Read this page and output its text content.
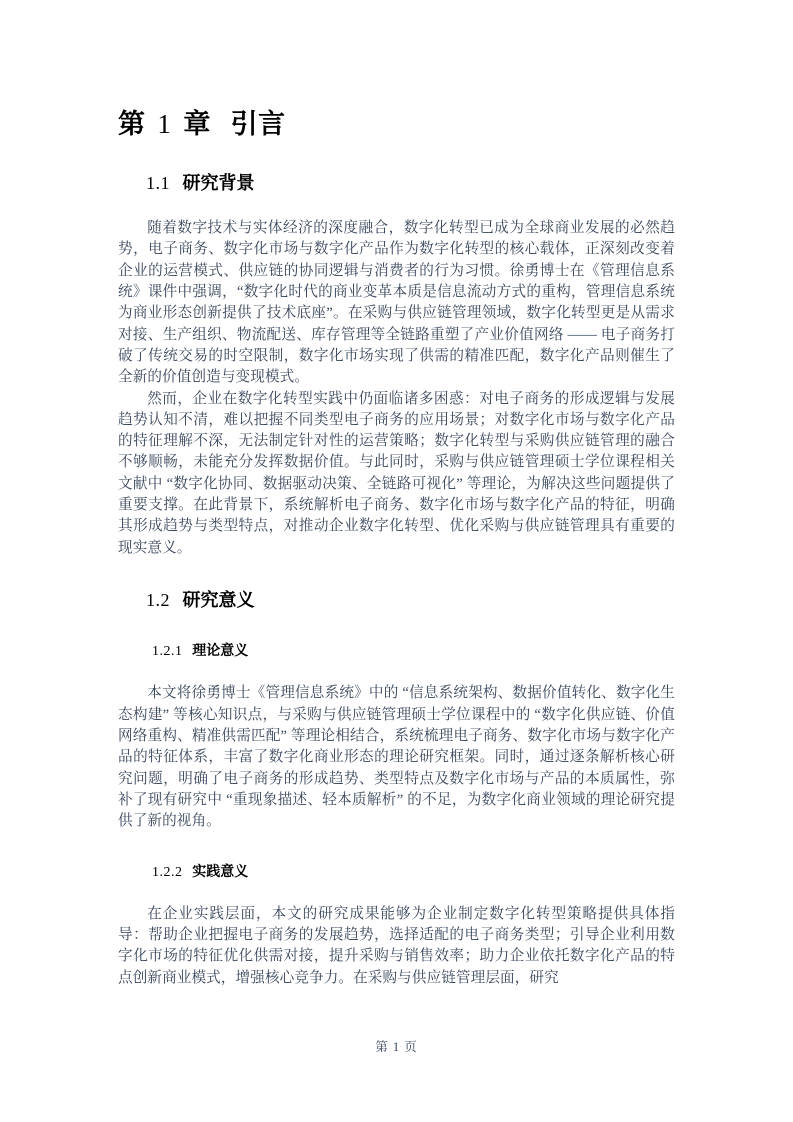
第 1 章 引言
1.1 研究背景

随着数字技术与实体经济的深度融合，数字化转型已成为全球商业发展的必然趋势，电子商务、数字化市场与数字化产品作为数字化转型的核心载体，正深刻改变着企业的运营模式、供应链的协同逻辑与消费者的行为习惯。徐勇博士在《管理信息系统》课件中强调，“数字化时代的商业变革本质是信息流动方式的重构，管理信息系统为商业形态创新提供了技术底座”。在采购与供应链管理领域，数字化转型更是从需求对接、生产组织、物流配送、库存管理等全链路重塑了产业价值网络 —— 电子商务打破了传统交易的时空限制，数字化市场实现了供需的精准匹配，数字化产品则催生了全新的价值创造与变现模式。

然而，企业在数字化转型实践中仍面临诸多困惑：对电子商务的形成逻辑与发展趋势认知不清，难以把握不同类型电子商务的应用场景；对数字化市场与数字化产品的特征理解不深，无法制定针对性的运营策略；数字化转型与采购供应链管理的融合不够顺畅，未能充分发挥数据价值。与此同时，采购与供应链管理硕士学位课程相关文献中 “数字化协同、数据驱动决策、全链路可视化” 等理论，为解决这些问题提供了重要支撑。在此背景下，系统解析电子商务、数字化市场与数字化产品的特征，明确其形成趋势与类型特点，对推动企业数字化转型、优化采购与供应链管理具有重要的现实意义。

1.2 研究意义
1.2.1 理论意义

本文将徐勇博士《管理信息系统》中的 “信息系统架构、数据价值转化、数字化生态构建” 等核心知识点，与采购与供应链管理硕士学位课程中的 “数字化供应链、价值网络重构、精准供需匹配” 等理论相结合，系统梳理电子商务、数字化市场与数字化产品的特征体系，丰富了数字化商业形态的理论研究框架。同时，通过逐条解析核心研究问题，明确了电子商务的形成趋势、类型特点及数字化市场与产品的本质属性，弥补了现有研究中 “重现象描述、轻本质解析” 的不足，为数字化商业领域的理论研究提供了新的视角。

1.2.2 实践意义

在企业实践层面，本文的研究成果能够为企业制定数字化转型策略提供具体指导：帮助企业把握电子商务的发展趋势，选择适配的电子商务类型；引导企业利用数字化市场的特征优化供需对接，提升采购与销售效率；助力企业依托数字化产品的特点创新商业模式，增强核心竞争力。在采购与供应链管理层面，研究

第 1 页
